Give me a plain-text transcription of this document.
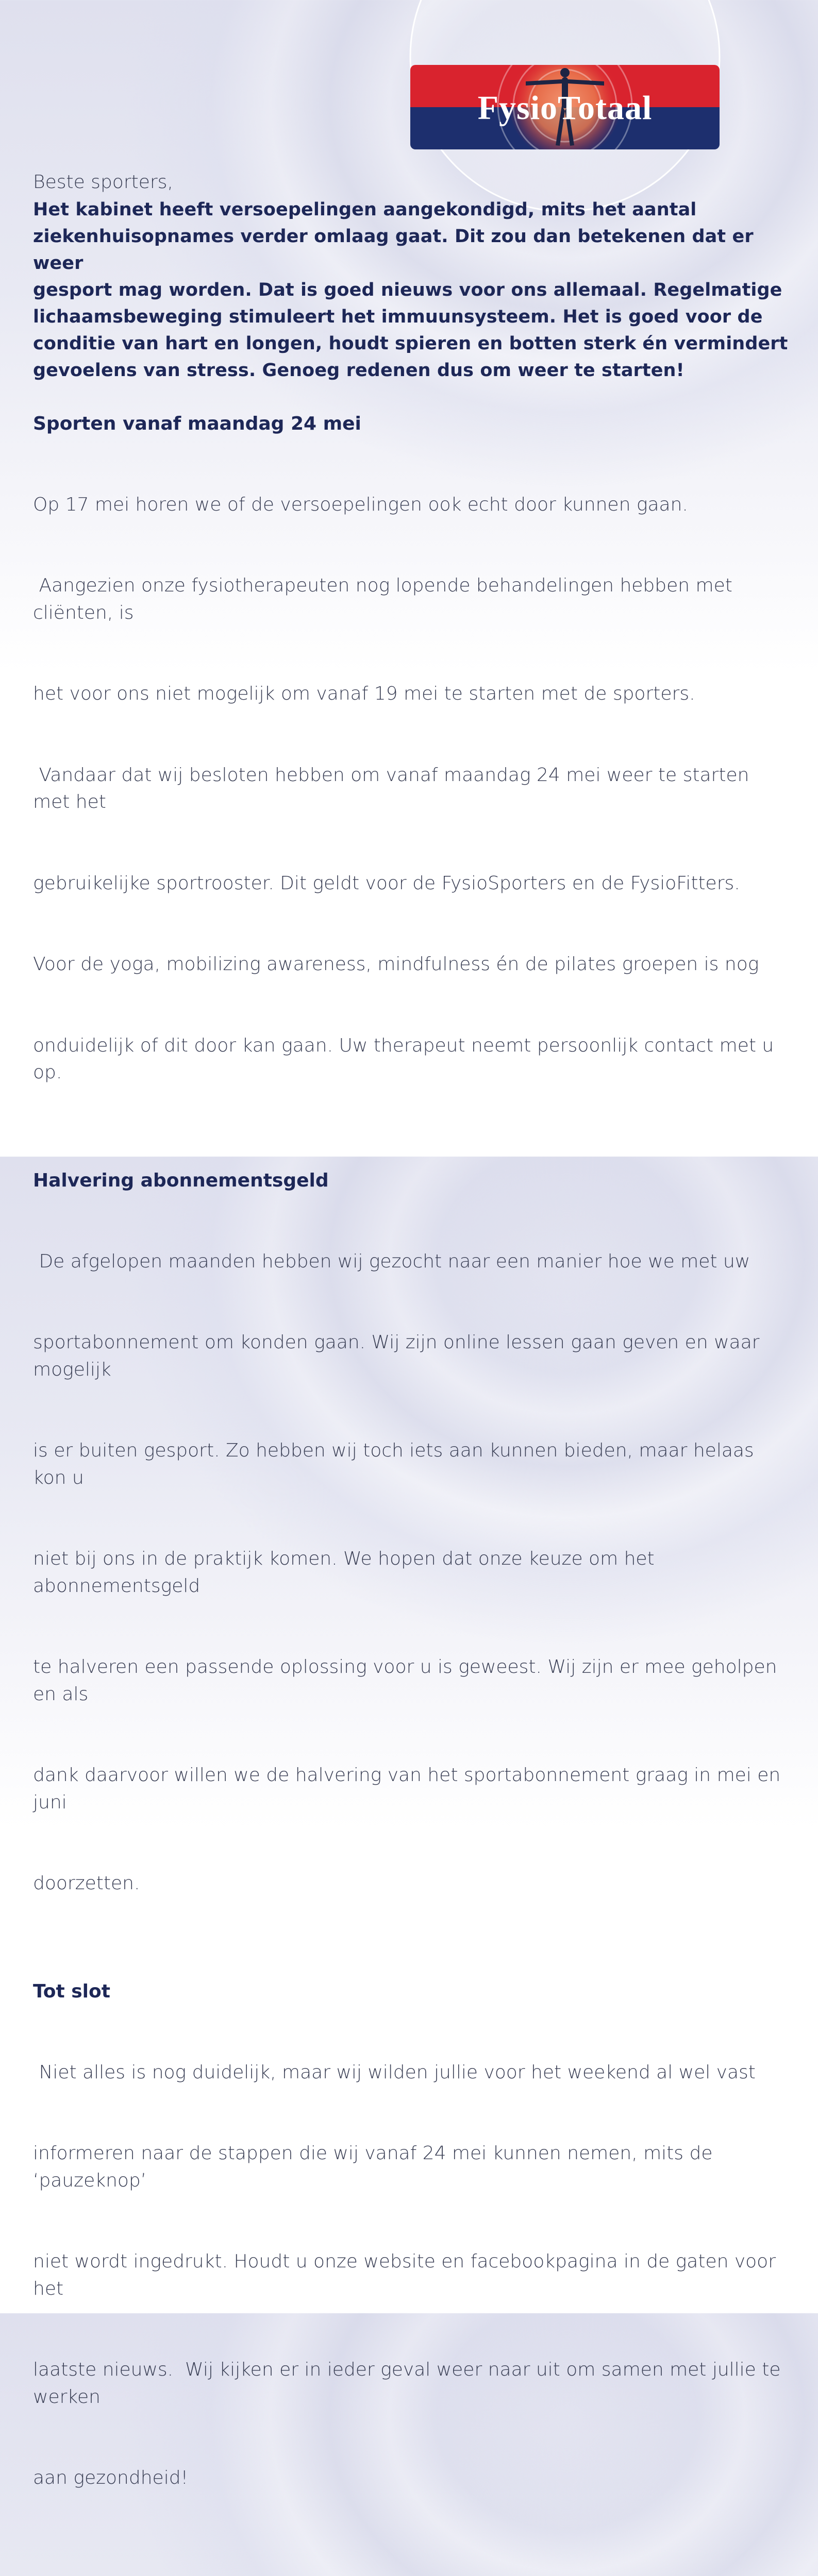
FysioTotaal

Beste sporters,

Het kabinet heeft versoepelingen aangekondigd, mits het aantal
ziekenhuisopnames verder omlaag gaat. Dit zou dan betekenen dat er weer
gesport mag worden. Dat is goed nieuws voor ons allemaal. Regelmatige
lichaamsbeweging stimuleert het immuunsysteem. Het is goed voor de
conditie van hart en longen, houdt spieren en botten sterk én vermindert
gevoelens van stress. Genoeg redenen dus om weer te starten!

Sporten vanaf maandag 24 mei

Op 17 mei horen we of de versoepelingen ook echt door kunnen gaan.

Aangezien onze fysiotherapeuten nog lopende behandelingen hebben met cliënten, is

het voor ons niet mogelijk om vanaf 19 mei te starten met de sporters.

Vandaar dat wij besloten hebben om vanaf maandag 24 mei weer te starten met het

gebruikelijke sportrooster. Dit geldt voor de FysioSporters en de FysioFitters.

Voor de yoga, mobilizing awareness, mindfulness én de pilates groepen is nog

onduidelijk of dit door kan gaan. Uw therapeut neemt persoonlijk contact met u op.

Halvering abonnementsgeld

De afgelopen maanden hebben wij gezocht naar een manier hoe we met uw

sportabonnement om konden gaan. Wij zijn online lessen gaan geven en waar mogelijk

is er buiten gesport. Zo hebben wij toch iets aan kunnen bieden, maar helaas kon u

niet bij ons in de praktijk komen. We hopen dat onze keuze om het abonnementsgeld

te halveren een passende oplossing voor u is geweest. Wij zijn er mee geholpen en als

dank daarvoor willen we de halvering van het sportabonnement graag in mei en juni

doorzetten.

Tot slot

Niet alles is nog duidelijk, maar wij wilden jullie voor het weekend al wel vast

informeren naar de stappen die wij vanaf 24 mei kunnen nemen, mits de ‘pauzeknop’

niet wordt ingedrukt. Houdt u onze website en facebookpagina in de gaten voor het

laatste nieuws.  Wij kijken er in ieder geval weer naar uit om samen met jullie te werken

aan gezondheid!
